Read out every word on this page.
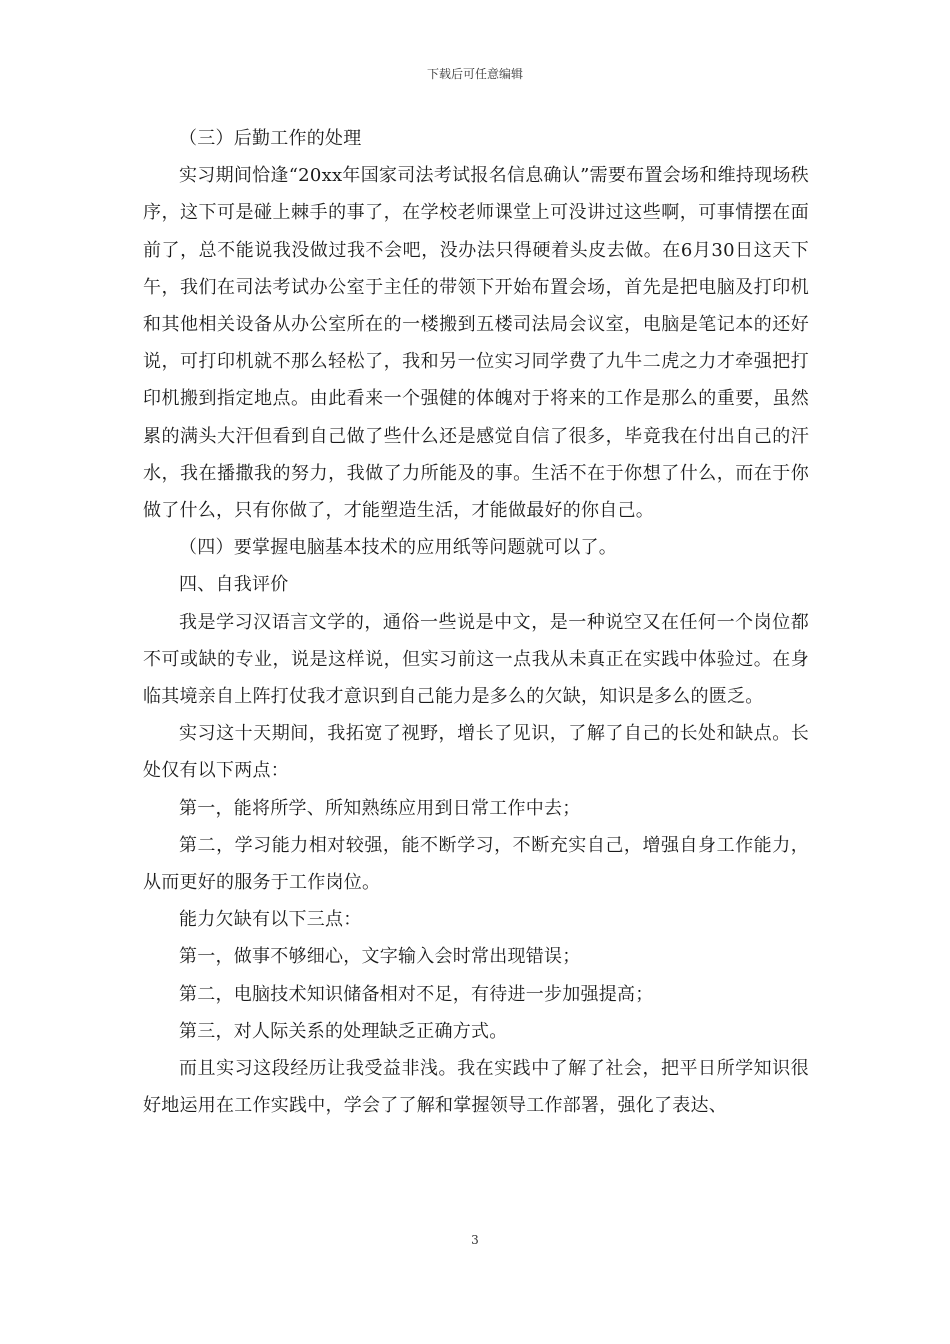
下载后可任意编辑

（三）后勤工作的处理

实习期间恰逢“20xx年国家司法考试报名信息确认”需要布置会场和维持现场秩序，这下可是碰上棘手的事了，在学校老师课堂上可没讲过这些啊，可事情摆在面前了，总不能说我没做过我不会吧，没办法只得硬着头皮去做。在6月30日这天下午，我们在司法考试办公室于主任的带领下开始布置会场，首先是把电脑及打印机和其他相关设备从办公室所在的一楼搬到五楼司法局会议室，电脑是笔记本的还好说，可打印机就不那么轻松了，我和另一位实习同学费了九牛二虎之力才牵强把打印机搬到指定地点。由此看来一个强健的体魄对于将来的工作是那么的重要，虽然累的满头大汗但看到自己做了些什么还是感觉自信了很多，毕竟我在付出自己的汗水，我在播撒我的努力，我做了力所能及的事。生活不在于你想了什么，而在于你做了什么，只有你做了，才能塑造生活，才能做最好的你自己。

（四）要掌握电脑基本技术的应用纸等问题就可以了。

四、自我评价

我是学习汉语言文学的，通俗一些说是中文，是一种说空又在任何一个岗位都不可或缺的专业，说是这样说，但实习前这一点我从未真正在实践中体验过。在身临其境亲自上阵打仗我才意识到自己能力是多么的欠缺，知识是多么的匮乏。

实习这十天期间，我拓宽了视野，增长了见识，了解了自己的长处和缺点。长处仅有以下两点：

第一，能将所学、所知熟练应用到日常工作中去；

第二，学习能力相对较强，能不断学习，不断充实自己，增强自身工作能力，从而更好的服务于工作岗位。

能力欠缺有以下三点：

第一，做事不够细心，文字输入会时常出现错误；

第二，电脑技术知识储备相对不足，有待进一步加强提高；

第三，对人际关系的处理缺乏正确方式。

而且实习这段经历让我受益非浅。我在实践中了解了社会，把平日所学知识很好地运用在工作实践中，学会了了解和掌握领导工作部署，强化了表达、

3
